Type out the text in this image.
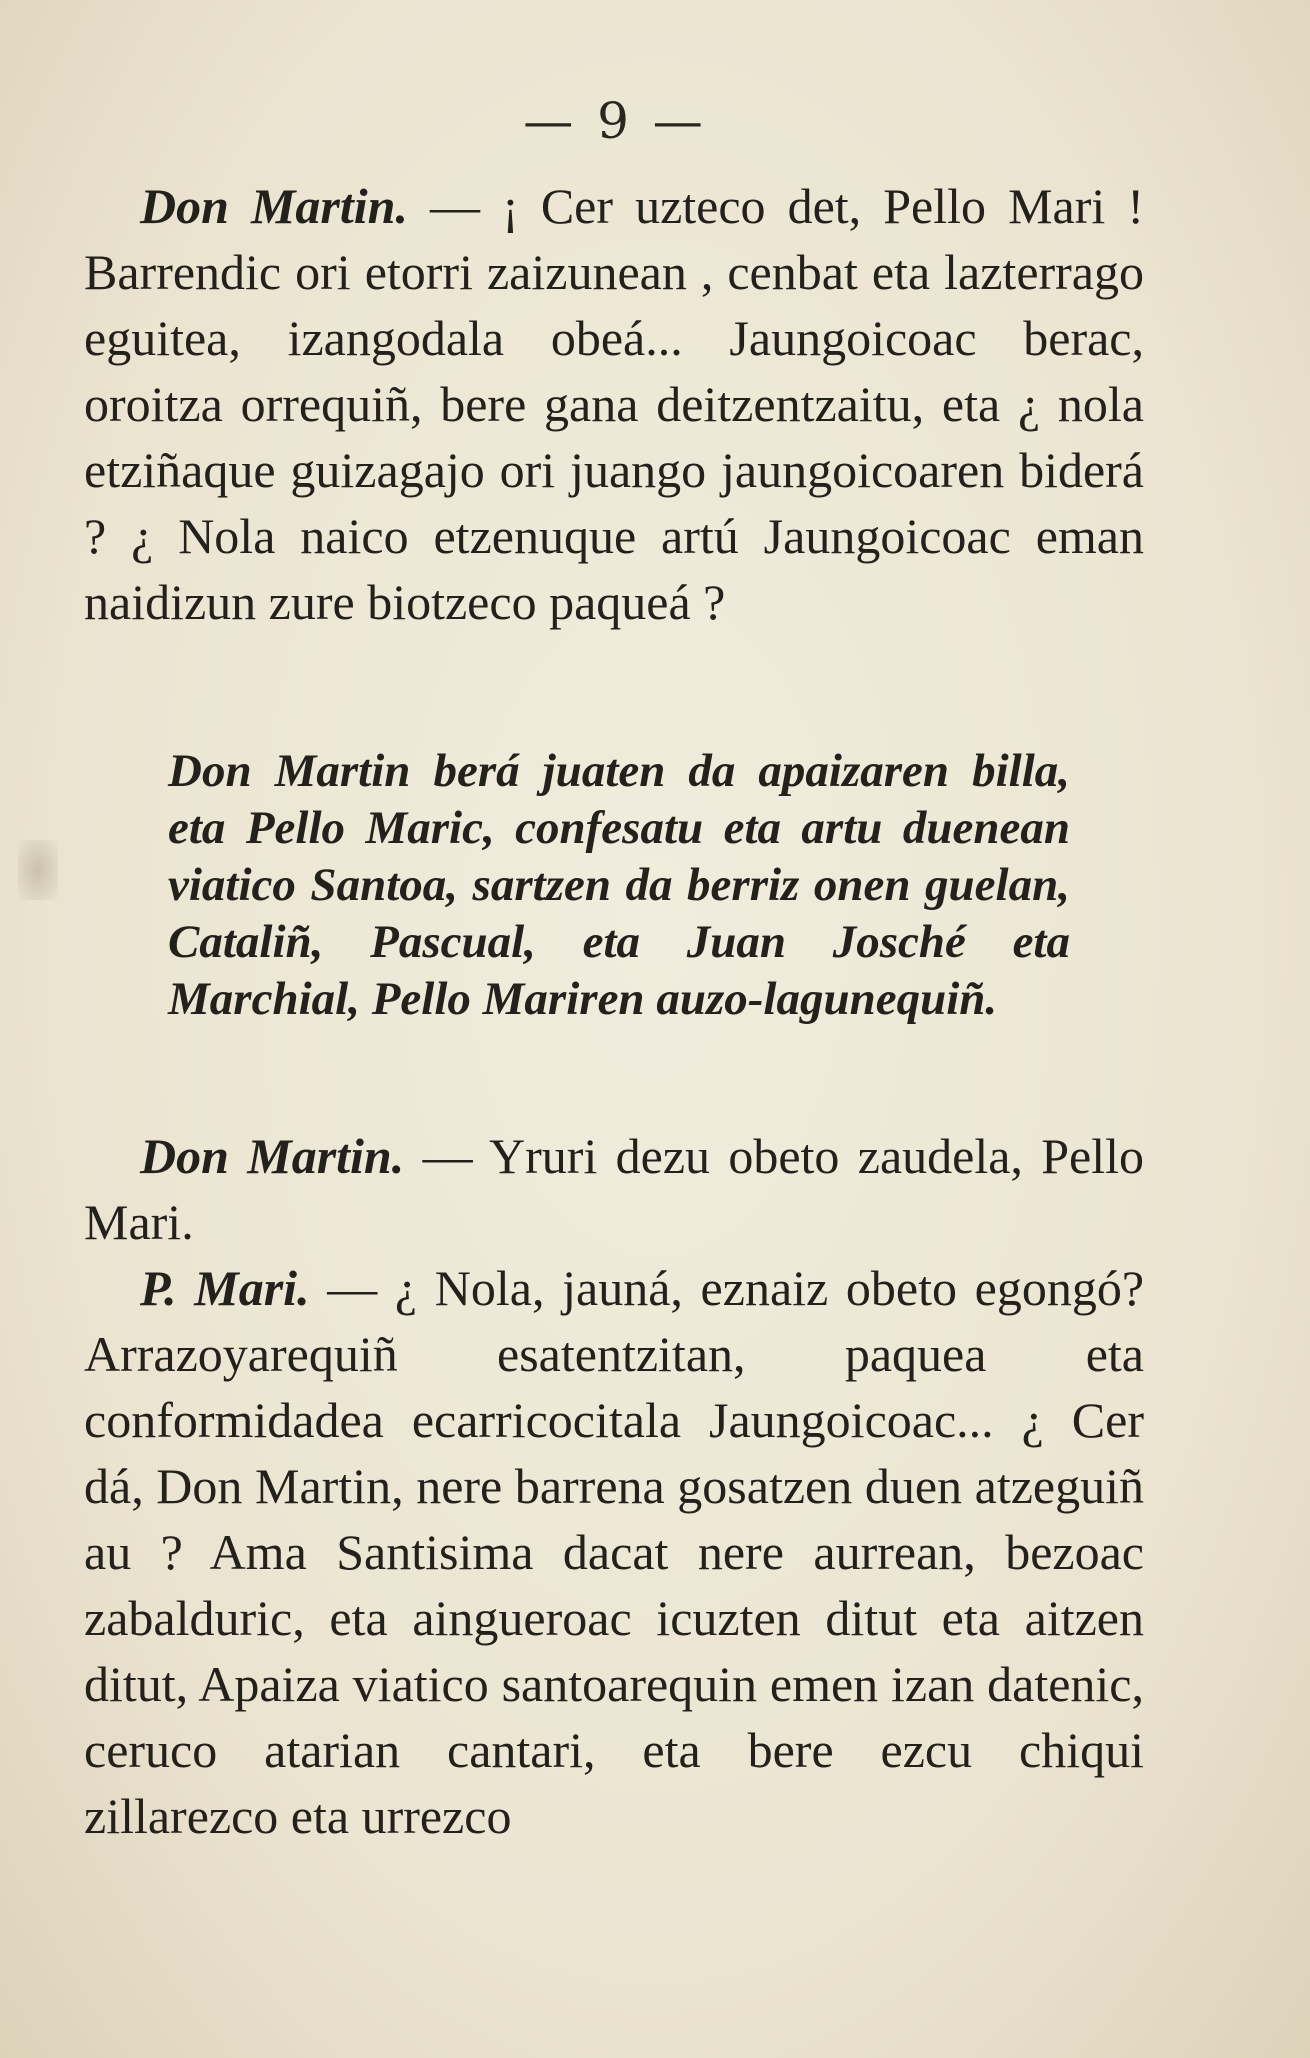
— 9 —

Don Martin. — ¡ Cer uzteco det, Pello Mari ! Barrendic ori etorri zaizunean , cenbat eta lazterrago eguitea, izangodala obeá... Jaungoicoac berac, oroitza orrequiñ, bere gana deitzentzaitu, eta ¿ nola etziñaque guizagajo ori juango jaungoicoaren biderá ? ¿ Nola naico etzenuque artú Jaungoicoac eman naidizun zure biotzeco paqueá ?

Don Martin berá juaten da apaizaren billa, eta Pello Maric, confesatu eta artu duenean viatico Santoa, sartzen da berriz onen guelan, Cataliñ, Pascual, eta Juan Josché eta Marchial, Pello Mariren auzo-lagunequiñ.

Don Martin. — Yruri dezu obeto zaudela, Pello Mari.

P. Mari. — ¿ Nola, jauná, eznaiz obeto egongó? Arrazoyarequiñ esatentzitan, paquea eta conformidadea ecarricocitala Jaungoicoac... ¿ Cer dá, Don Martin, nere barrena gosatzen duen atzeguiñ au ? Ama Santisima dacat nere aurrean, bezoac zabalduric, eta aingueroac icuzten ditut eta aitzen ditut, Apaiza viatico santoarequin emen izan datenic, ceruco atarian cantari, eta bere ezcu chiqui zillarezco eta urrezco
